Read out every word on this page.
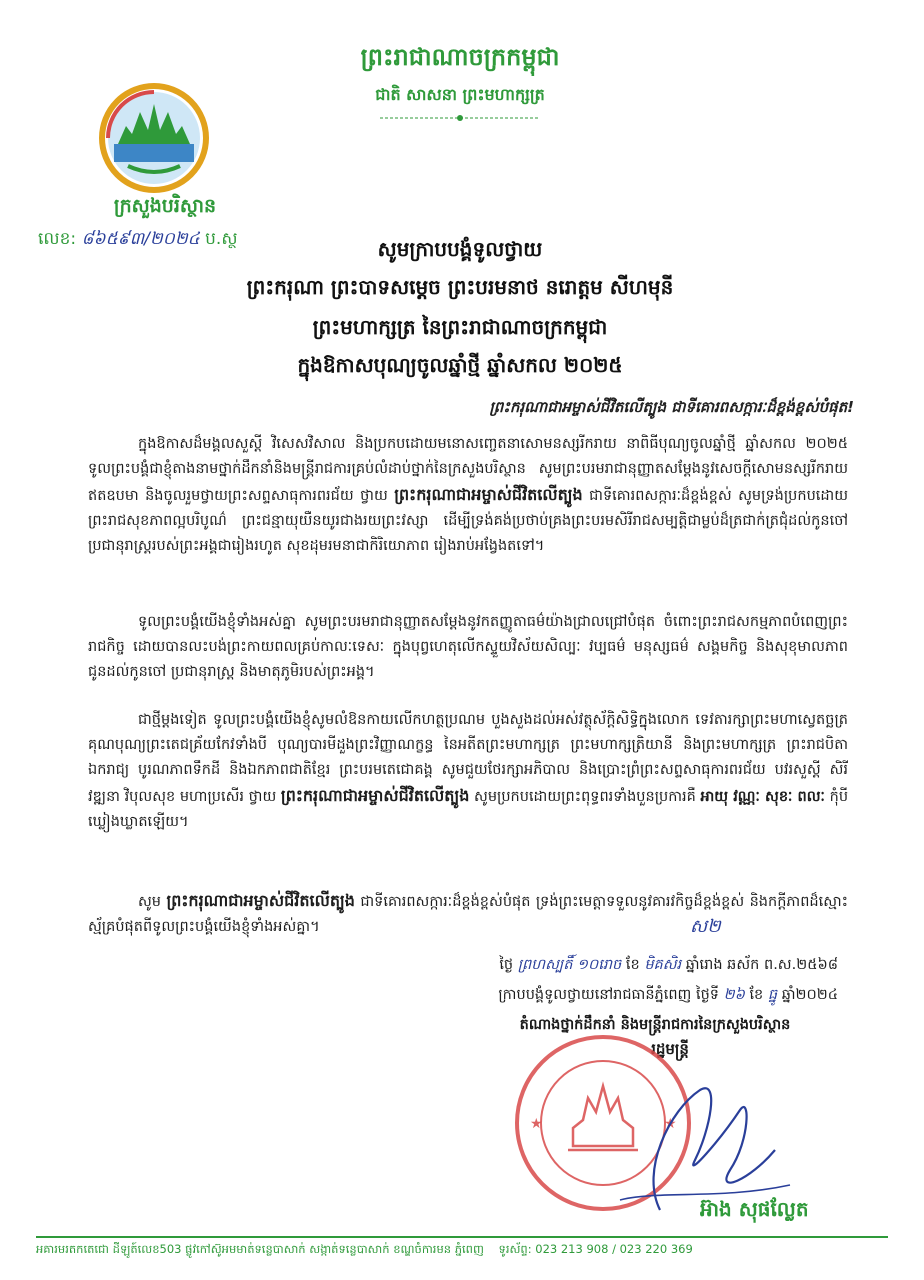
ព្រះរាជាណាចក្រកម្ពុជា
ជាតិ សាសនា ព្រះមហាក្សត្រ
ក្រសួងបរិស្ថាន
លេខ: ៨៦៥៩៣/២០២៤ ប.ស្ថ	សូមក្រាបបង្គំទូលថ្វាយ
ព្រះករុណា ព្រះបាទសម្តេច ព្រះបរមនាថ នរោត្តម សីហមុនី
ព្រះមហាក្សត្រ នៃព្រះរាជាណាចក្រកម្ពុជា
ក្នុងឱកាសបុណ្យចូលឆ្នាំថ្មី ឆ្នាំសកល ២០២៥
ព្រះករុណាជាអម្ចាស់ជីវិតលើត្បូង ជាទីគោរពសក្ការៈដ៏ខ្ពង់ខ្ពស់បំផុត!
ក្នុងឱកាសដ៏មង្គលសួស្តី វិសេសវិសាល និងប្រកបដោយមនោសញ្ចេតនាសោមនស្សរីករាយ នាពិធីបុណ្យចូលឆ្នាំថ្មី ឆ្នាំសកល ២០២៥ ទូលព្រះបង្គំជាខ្ញុំតាងនាមថ្នាក់ដឹកនាំនិងមន្ត្រីរាជការគ្រប់លំដាប់ថ្នាក់នៃក្រសួងបរិស្ថាន សូមព្រះបរមរាជានុញ្ញាតសម្តែងនូវសេចក្តីសោមនស្សរីករាយឥតឧបមា និងចូលរួមថ្វាយព្រះសព្ទសាធុការពរជ័យ ថ្វាយ ព្រះករុណាជាអម្ចាស់ជីវិតលើត្បូង ជាទីគោរពសក្ការៈដ៏ខ្ពង់ខ្ពស់ សូមទ្រង់ប្រកបដោយព្រះរាជសុខភាពល្អបរិបូណ៌ ព្រះជន្មាយុយឺនយូរជាងរយព្រះវស្សា ដើម្បីទ្រង់គង់ប្រថាប់គ្រងព្រះបរមសិរីរាជសម្បត្តិជាម្លប់ដ៏ត្រជាក់ត្រជុំដល់កូនចៅប្រជានុរាស្ត្ររបស់ព្រះអង្គជារៀងរហូត សុខដុមរមនាជាកិរិយោភាព រៀងរាប់អង្វែងតទៅ។
ទូលព្រះបង្គំយើងខ្ញុំទាំងអស់គ្នា សូមព្រះបរមរាជានុញ្ញាតសម្តែងនូវកតញ្ញូតាធម៌យ៉ាងជ្រាលជ្រៅបំផុត ចំពោះព្រះរាជសកម្មភាពបំពេញព្រះរាជកិច្ច ដោយបានលះបង់ព្រះកាយពលគ្រប់កាលៈទេសៈ ក្នុងបុព្វហេតុលើកស្ទួយវិស័យសិល្បៈ វប្បធម៌ មនុស្សធម៌ សង្គមកិច្ច និងសុខុមាលភាព ជូនដល់កូនចៅ ប្រជានុរាស្ត្រ និងមាតុភូមិរបស់ព្រះអង្គ។
ជាថ្មីម្តងទៀត ទូលព្រះបង្គំយើងខ្ញុំសូមលំឱនកាយលើកហត្ថប្រណម បួងសួងដល់អស់វត្ថុស័ក្តិសិទ្ធិក្នុងលោក ទេវតារក្សាព្រះមហាស្វេតច្ឆត្រ គុណបុណ្យព្រះតេជគ្រ័យកែវទាំងបី បុណ្យបារមីដួងព្រះវិញ្ញាណក្ខន្ធ នៃអតីតព្រះមហាក្សត្រ ព្រះមហាក្សត្រិយានី និងព្រះមហាក្សត្រ ព្រះរាជបិតា ឯករាជ្យ បូរណភាពទឹកដី និងឯកភាពជាតិខ្មែរ ព្រះបរមតេជោគង្គ សូមជួយថែរក្សាអភិបាល និងប្រោះព្រំព្រះសព្ទសាធុការពរជ័យ បវរសួស្តី សិរីវឌ្ឍនា វិបុលសុខ មហាប្រសើរ ថ្វាយ ព្រះករុណាជាអម្ចាស់ជីវិតលើត្បូង សូមប្រកបដោយព្រះពុទ្ធពរទាំងបួនប្រការគឺ អាយុ វណ្ណៈ សុខៈ ពលៈ កុំបីឃ្លៀងឃ្លាតឡើយ។
សូម ព្រះករុណាជាអម្ចាស់ជីវិតលើត្បូង ជាទីគោរពសក្ការៈដ៏ខ្ពង់ខ្ពស់បំផុត ទ្រង់ព្រះមេត្តាទទួលនូវគារវកិច្ចដ៏ខ្ពង់ខ្ពស់ និងកក្តីភាពដ៏ស្មោះស្ម័គ្របំផុតពីទូលព្រះបង្គំយើងខ្ញុំទាំងអស់គ្នា។	ស២
ថ្ងៃ ព្រហស្បតិ៍ ១០រោច ខែ មិគសិរ ឆ្នាំរោង ឆស័ក ព.ស.២៥៦៨
ក្រាបបង្គំទូលថ្វាយនៅរាជធានីភ្នំពេញ ថ្ងៃទី ២៦ ខែ ធ្នូ ឆ្នាំ២០២៤
តំណាងថ្នាក់ដឹកនាំ និងមន្ត្រីរាជការនៃក្រសួងបរិស្ថាន
រដ្ឋមន្ត្រី
★	★
អ៊ាង សុផល្លែត
អគារមរតកតេជោ ដីឡូត៍លេខ503 ផ្លូវកៅស៊ូអមមាត់ទន្លេបាសាក់ សង្កាត់ទន្លេបាសាក់ ខណ្ឌចំការមន ភ្នំពេញ ទូរស័ព្ទ: 023 213 908 / 023 220 369
